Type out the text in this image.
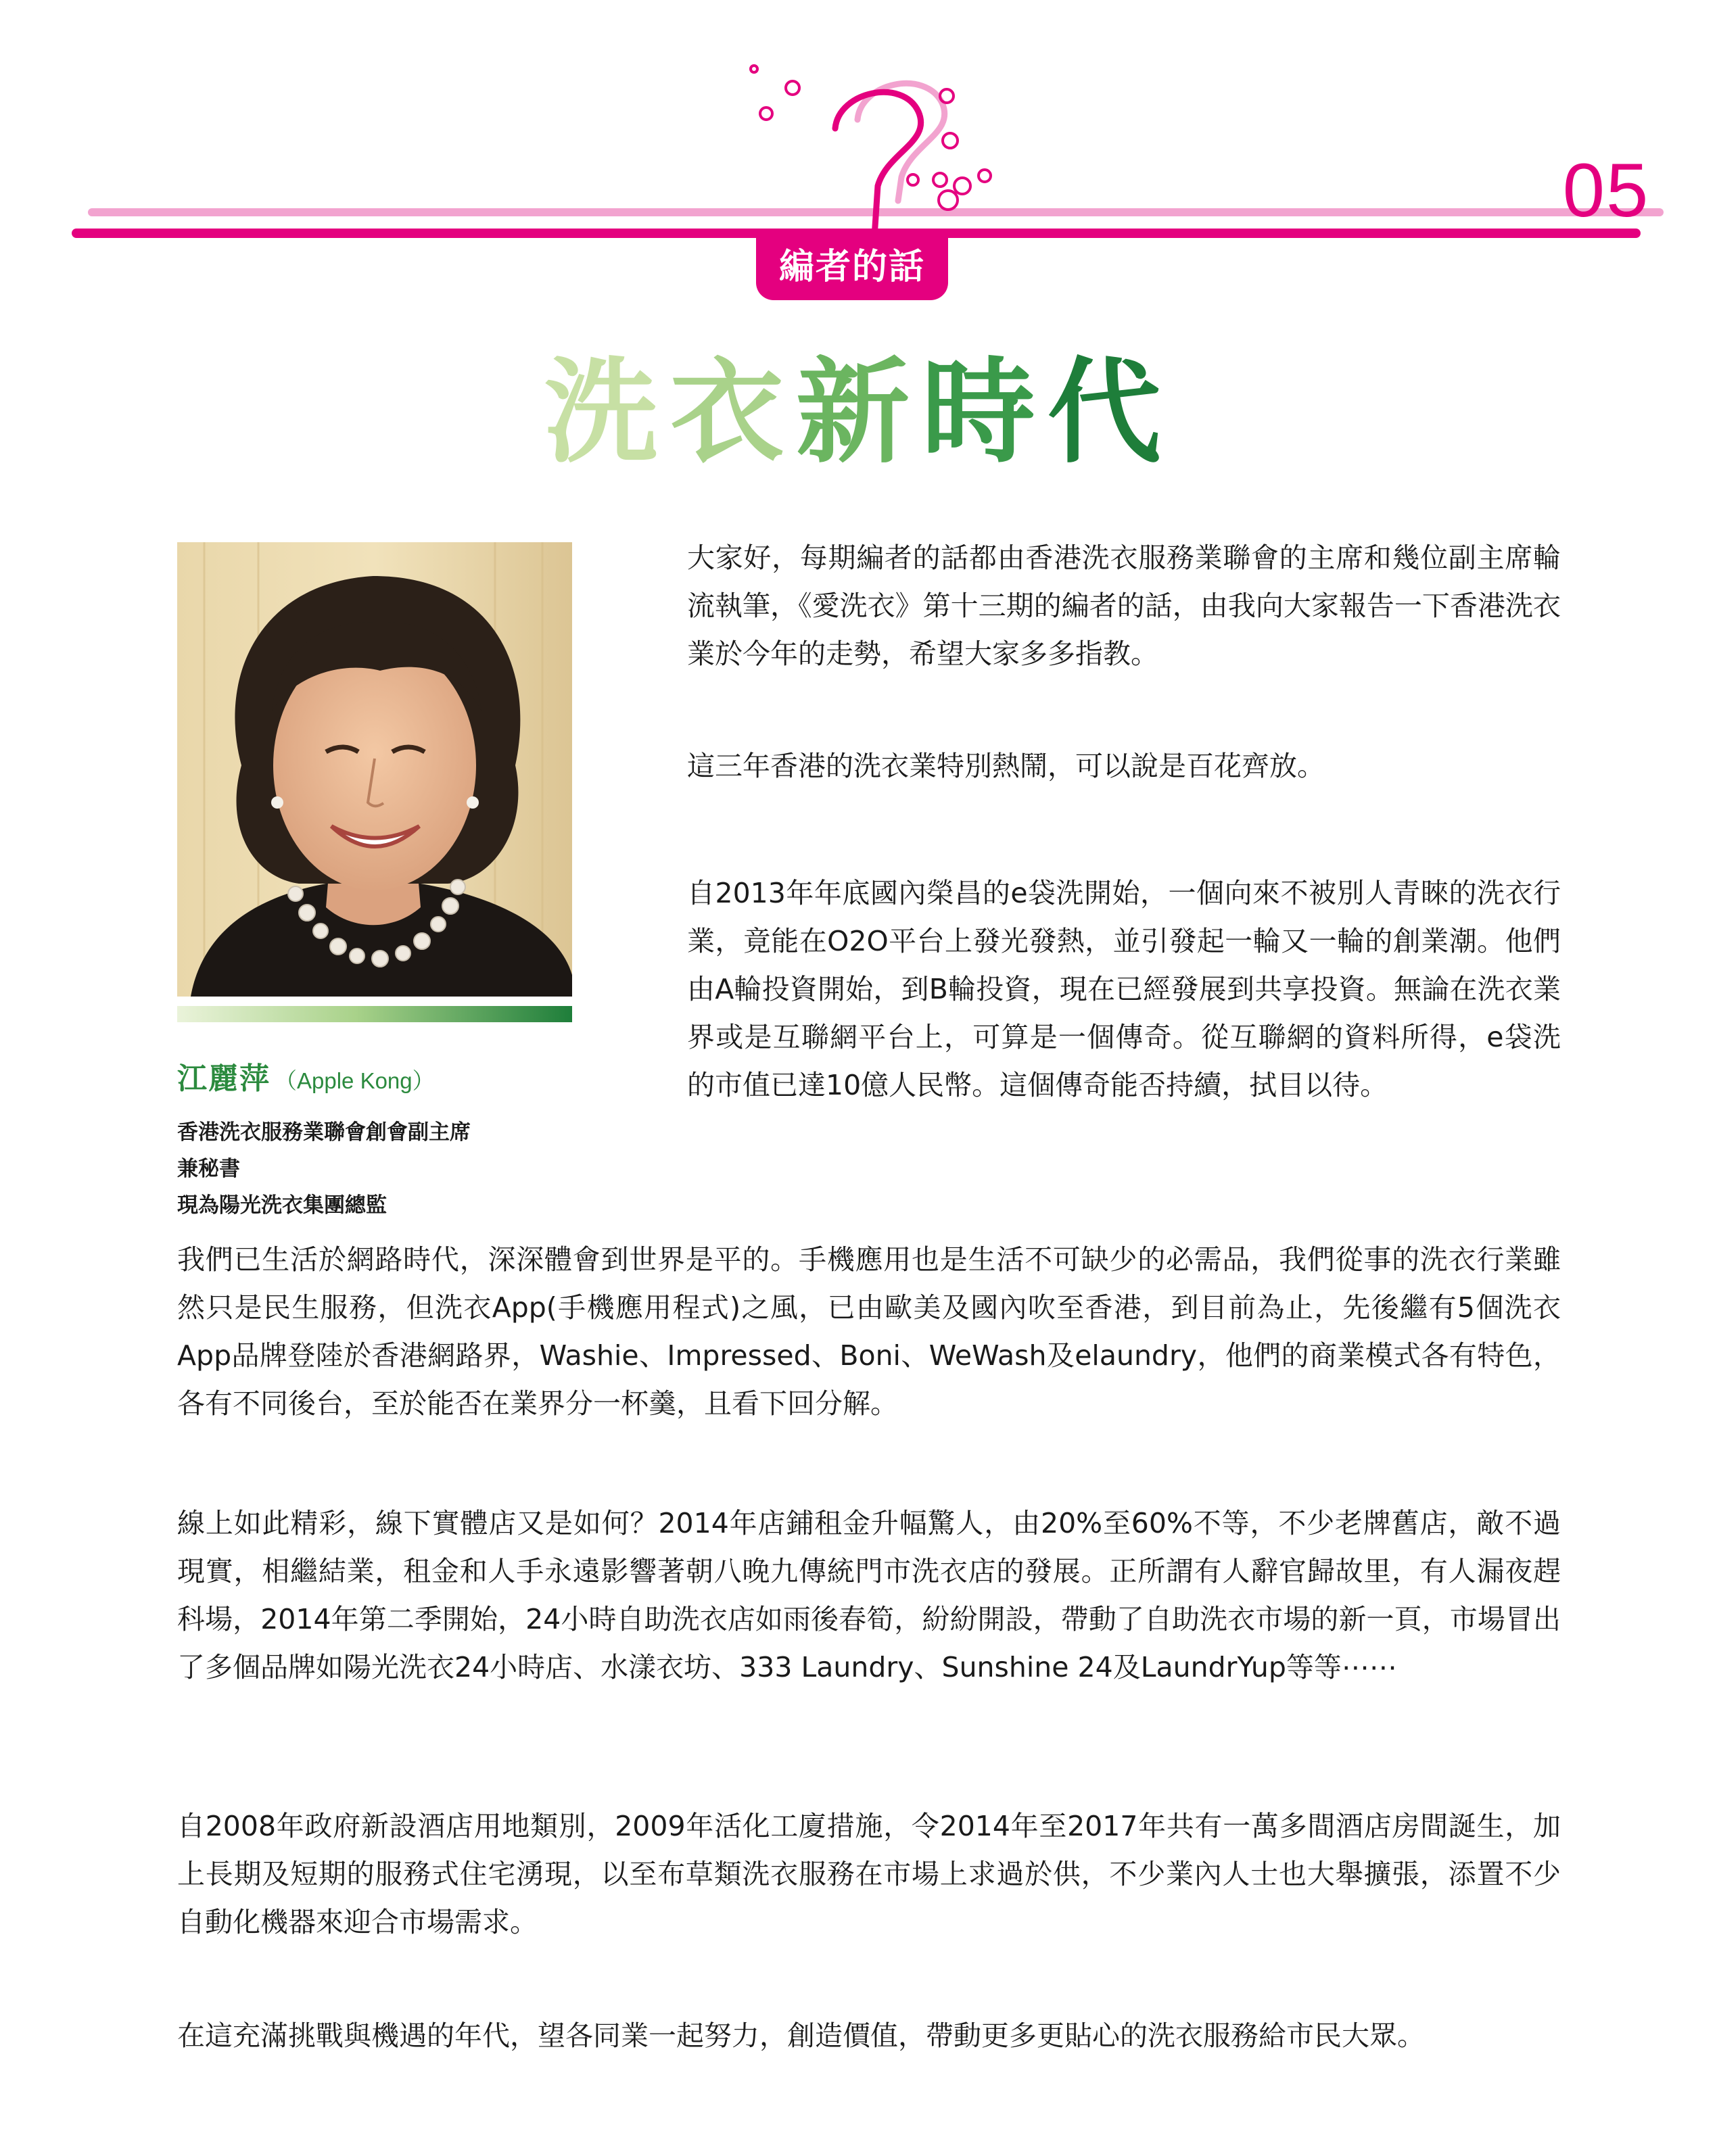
05
編者的話
洗衣新時代
江麗萍 （Apple Kong）
香港洗衣服務業聯會創會副主席
兼秘書
現為陽光洗衣集團總監

大家好，每期編者的話都由香港洗衣服務業聯會的主席和幾位副主席輪流執筆，《愛洗衣》第十三期的編者的話，由我向大家報告一下香港洗衣業於今年的走勢，希望大家多多指教。

這三年香港的洗衣業特別熱鬧，可以說是百花齊放。

自2013年年底國內榮昌的e袋洗開始，一個向來不被別人青睞的洗衣行業，竟能在O2O平台上發光發熱，並引發起一輪又一輪的創業潮。他們由A輪投資開始，到B輪投資，現在已經發展到共享投資。無論在洗衣業界或是互聯網平台上，可算是一個傳奇。從互聯網的資料所得，e袋洗的市值已達10億人民幣。這個傳奇能否持續，拭目以待。

我們已生活於網路時代，深深體會到世界是平的。手機應用也是生活不可缺少的必需品，我們從事的洗衣行業雖然只是民生服務，但洗衣App(手機應用程式)之風，已由歐美及國內吹至香港，到目前為止，先後繼有5個洗衣App品牌登陸於香港網路界，Washie、Impressed、Boni、WeWash及elaundry，他們的商業模式各有特色，各有不同後台，至於能否在業界分一杯羹，且看下回分解。

線上如此精彩，線下實體店又是如何？2014年店鋪租金升幅驚人，由20%至60%不等，不少老牌舊店，敵不過現實，相繼結業，租金和人手永遠影響著朝八晚九傳統門市洗衣店的發展。正所謂有人辭官歸故里，有人漏夜趕科場，2014年第二季開始，24小時自助洗衣店如雨後春筍，紛紛開設，帶動了自助洗衣市場的新一頁，市場冒出了多個品牌如陽光洗衣24小時店、水漾衣坊、333 Laundry、Sunshine 24及LaundrYup等等⋯⋯

自2008年政府新設酒店用地類別，2009年活化工廈措施，令2014年至2017年共有一萬多間酒店房間誕生，加上長期及短期的服務式住宅湧現，以至布草類洗衣服務在市場上求過於供，不少業內人士也大舉擴張，添置不少自動化機器來迎合市場需求。

在這充滿挑戰與機遇的年代，望各同業一起努力，創造價值，帶動更多更貼心的洗衣服務給市民大眾。
